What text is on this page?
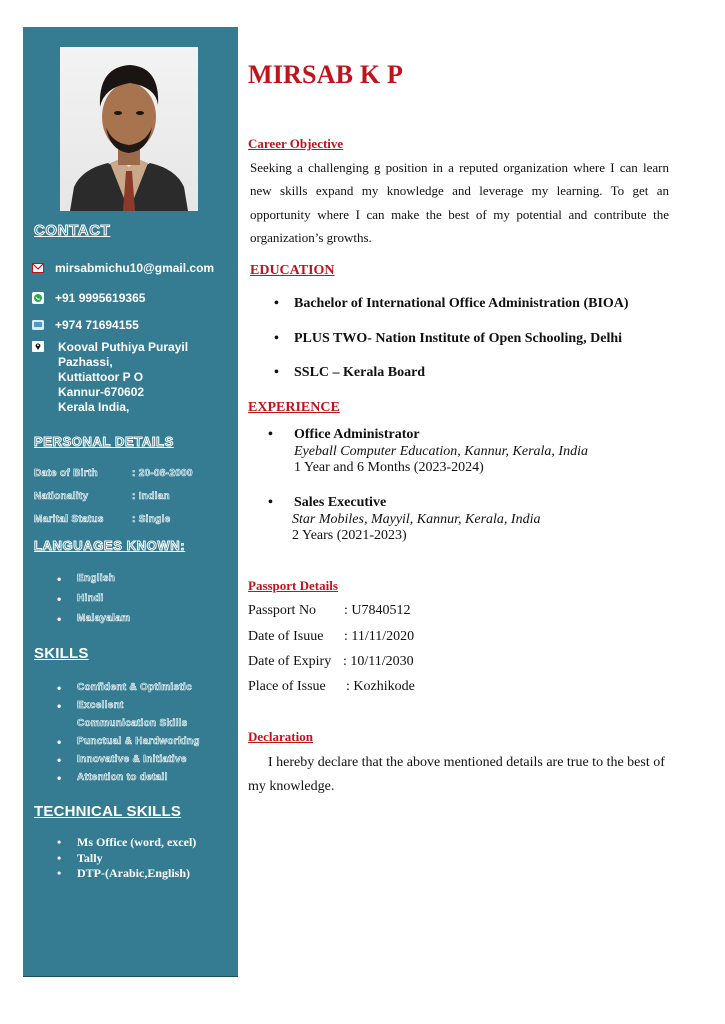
CONTACT
mirsabmichu10@gmail.com
+91 9995619365
+974 71694155
Kooval Puthiya Purayil
Pazhassi,
Kuttiattoor P O
Kannur-670602
Kerala India,
PERSONAL DETAILS
Date of Birth	: 20-08-2000
Nationality	: Indian
Marital Status	: Single
LANGUAGES KNOWN:
• English
• Hindi
• Malayalam
SKILLS
• Confident & Optimistic
• Excellent
Communication Skills
• Punctual & Hardworking
• Innovative & Initiative
• Attention to detail
TECHNICAL SKILLS
• Ms Office (word, excel)
• Tally
• DTP-(Arabic,English)
MIRSAB K P
Career Objective
Seeking a challenging g position in a reputed organization where I can learn new skills expand my knowledge and leverage my learning. To get an opportunity where I can make the best of my potential and contribute the organization’s growths.
EDUCATION
• Bachelor of International Office Administration (BIOA)
• PLUS TWO- Nation Institute of Open Schooling, Delhi
• SSLC – Kerala Board
EXPERIENCE
• Office Administrator
Eyeball Computer Education, Kannur, Kerala, India
1 Year and 6 Months (2023-2024)
• Sales Executive
Star Mobiles, Mayyil, Kannur, Kerala, India
2 Years (2021-2023)
Passport Details
Passport No : U7840512
Date of Isuue : 11/11/2020
Date of Expiry : 10/11/2030
Place of Issue : Kozhikode
Declaration
I hereby declare that the above mentioned details are true to the best of my knowledge.
